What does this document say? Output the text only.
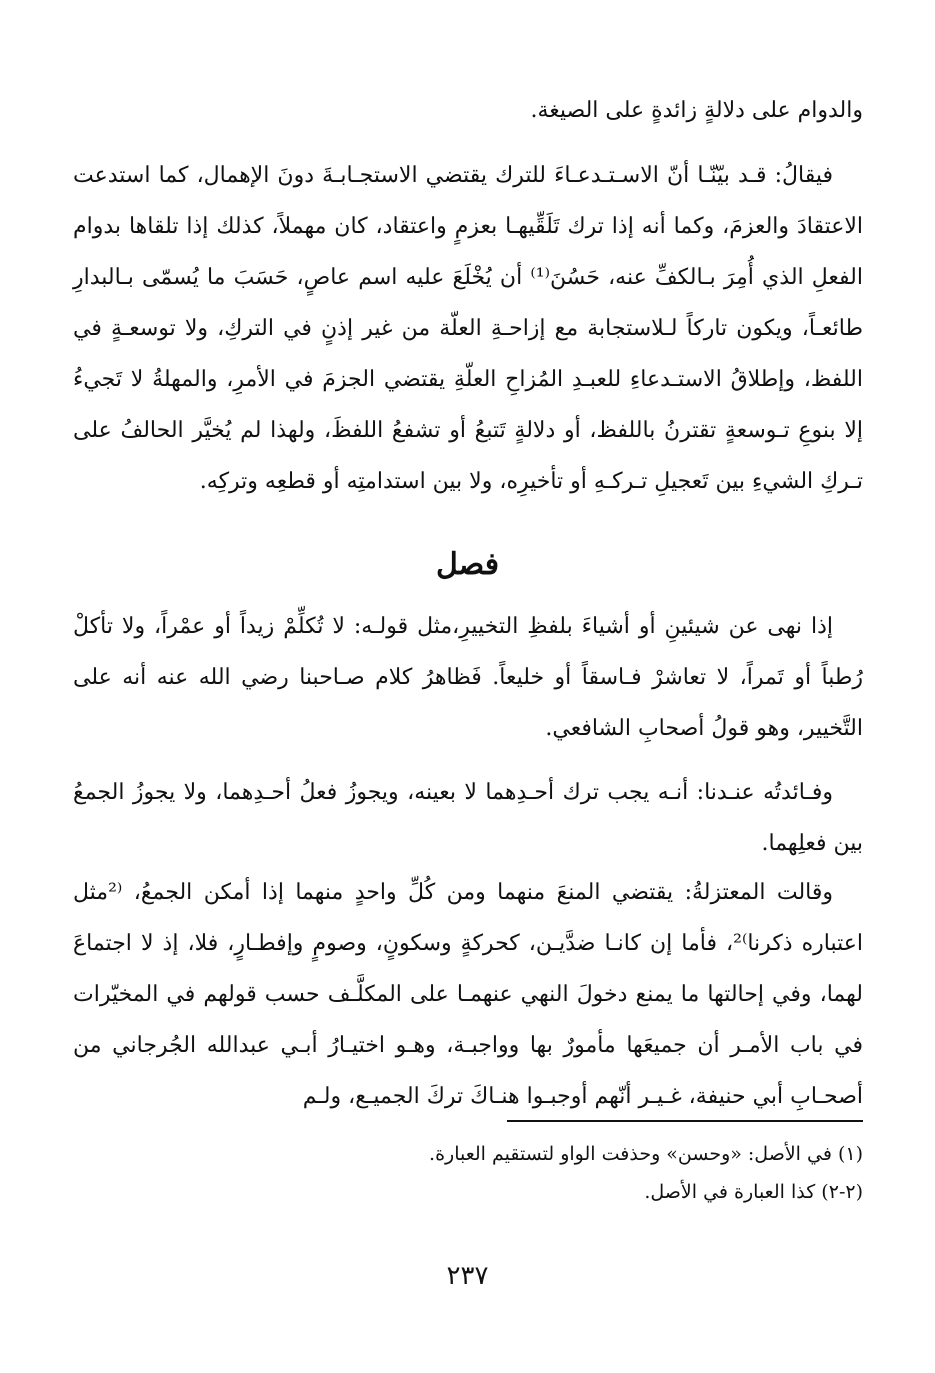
والدوام على دلالةٍ زائدةٍ على الصيغة.

فيقالُ: قـد بيّنّـا أنّ الاسـتـدعـاءَ للترك يقتضي الاستجـابـةَ دونَ الإهمال، كما استدعت الاعتقادَ والعزمَ، وكما أنه إذا ترك تَلَقِّيهـا بعزمٍ واعتقاد، كان مهملاً، كذلك إذا تلقاها بدوام الفعلِ الذي أُمِرَ بـالكفِّ عنه، حَسُنَ⁽¹⁾ أن يُخْلَعَ عليه اسم عاصٍ، حَسَبَ ما يُسمّى بـالبدارِ طائعـاً، ويكون تاركاً لـلاستجابة مع إزاحـةِ العلّة من غير إذنٍ في التركِ، ولا توسعـةٍ في اللفظ، وإطلاقُ الاستـدعاءِ للعبـدِ المُزاحِ العلّةِ يقتضي الجزمَ في الأمرِ، والمهلةُ لا تَجيءُ إلا بنوعِ تـوسعةٍ تقترنُ باللفظ، أو دلالةٍ تَتبعُ أو تشفعُ اللفظَ، ولهذا لم يُخيَّر الحالفُ على تـركِ الشيءِ بين تَعجيلِ تـركـهِ أو تأخيرِه، ولا بين استدامتِه أو قطعِه وتركِه.

فصل

إذا نهى عن شيئينِ أو أشياءَ بلفظِ التخييرِ،مثل قولـه: لا تُكلِّمْ زيداً أو عمْراً، ولا تأكلْ رُطباً أو تَمراً، لا تعاشرْ فـاسقاً أو خليعاً. فَظاهرُ كلام صـاحبنا رضي الله عنه أنه على التَّخيير، وهو قولُ أصحابِ الشافعي.

وفـائدتُه عنـدنا: أنـه يجب ترك أحـدِهما لا بعينه، ويجوزُ فعلُ أحـدِهما، ولا يجوزُ الجمعُ بين فعلِهما.

وقالت المعتزلةُ: يقتضي المنعَ منهما ومن كُلِّ واحدٍ منهما إذا أمكن الجمعُ، ⁽²مثل اعتباره ذكرنا⁾²، فأما إن كانـا ضدَّيـن، كحركةٍ وسكونٍ، وصومٍ وإفطـارٍ، فلا، إذ لا اجتماعَ لهما، وفي إحالتها ما يمنع دخولَ النهي عنهمـا على المكلَّـف حسب قولهم في المخيّرات في باب الأمـر أن جميعَها مأمورٌ بها وواجبـة، وهـو اختيـارُ أبـي عبدالله الجُرجاني من أصحـابِ أبي حنيفة، غـيـر أنّهم أوجبـوا هنـاكَ تركَ الجميـع، ولـم

(١) في الأصل: «وحسن» وحذفت الواو لتستقيم العبارة.

(٢-٢) كذا العبارة في الأصل.

٢٣٧
